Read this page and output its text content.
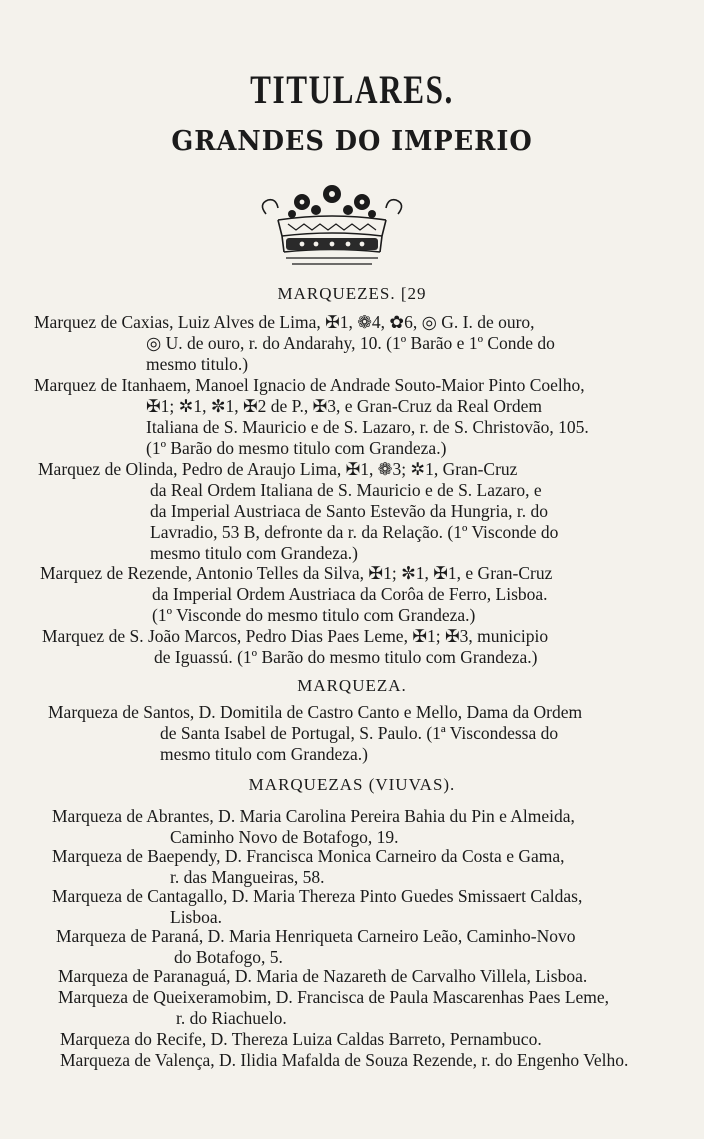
TITULARES.
GRANDES DO IMPERIO
MARQUEZES. [29
Marquez de Caxias, Luiz Alves de Lima, ✠1, ❁4, ✿6, ◎ G. I. de ouro,
◎ U. de ouro, r. do Andarahy, 10. (1º Barão e 1º Conde do
mesmo titulo.)
Marquez de Itanhaem, Manoel Ignacio de Andrade Souto-Maior Pinto Coelho,
✠1; ✲1, ✼1, ✠2 de P., ✠3, e Gran-Cruz da Real Ordem
Italiana de S. Mauricio e de S. Lazaro, r. de S. Christovão, 105.
(1º Barão do mesmo titulo com Grandeza.)
Marquez de Olinda, Pedro de Araujo Lima, ✠1, ❁3; ✲1, Gran-Cruz
da Real Ordem Italiana de S. Mauricio e de S. Lazaro, e
da Imperial Austriaca de Santo Estevão da Hungria, r. do
Lavradio, 53 B, defronte da r. da Relação. (1º Visconde do
mesmo titulo com Grandeza.)
Marquez de Rezende, Antonio Telles da Silva, ✠1; ✼1, ✠1, e Gran-Cruz
da Imperial Ordem Austriaca da Corôa de Ferro, Lisboa.
(1º Visconde do mesmo titulo com Grandeza.)
Marquez de S. João Marcos, Pedro Dias Paes Leme, ✠1; ✠3, municipio
de Iguassú. (1º Barão do mesmo titulo com Grandeza.)
MARQUEZA.
Marqueza de Santos, D. Domitila de Castro Canto e Mello, Dama da Ordem
de Santa Isabel de Portugal, S. Paulo. (1ª Viscondessa do
mesmo titulo com Grandeza.)
MARQUEZAS (VIUVAS).
Marqueza de Abrantes, D. Maria Carolina Pereira Bahia du Pin e Almeida,
Caminho Novo de Botafogo, 19.
Marqueza de Baependy, D. Francisca Monica Carneiro da Costa e Gama,
r. das Mangueiras, 58.
Marqueza de Cantagallo, D. Maria Thereza Pinto Guedes Smissaert Caldas,
Lisboa.
Marqueza de Paraná, D. Maria Henriqueta Carneiro Leão, Caminho-Novo
do Botafogo, 5.
Marqueza de Paranaguá, D. Maria de Nazareth de Carvalho Villela, Lisboa.
Marqueza de Queixeramobim, D. Francisca de Paula Mascarenhas Paes Leme,
r. do Riachuelo.
Marqueza do Recife, D. Thereza Luiza Caldas Barreto, Pernambuco.
Marqueza de Valença, D. Ilidia Mafalda de Souza Rezende, r. do Engenho Velho.
